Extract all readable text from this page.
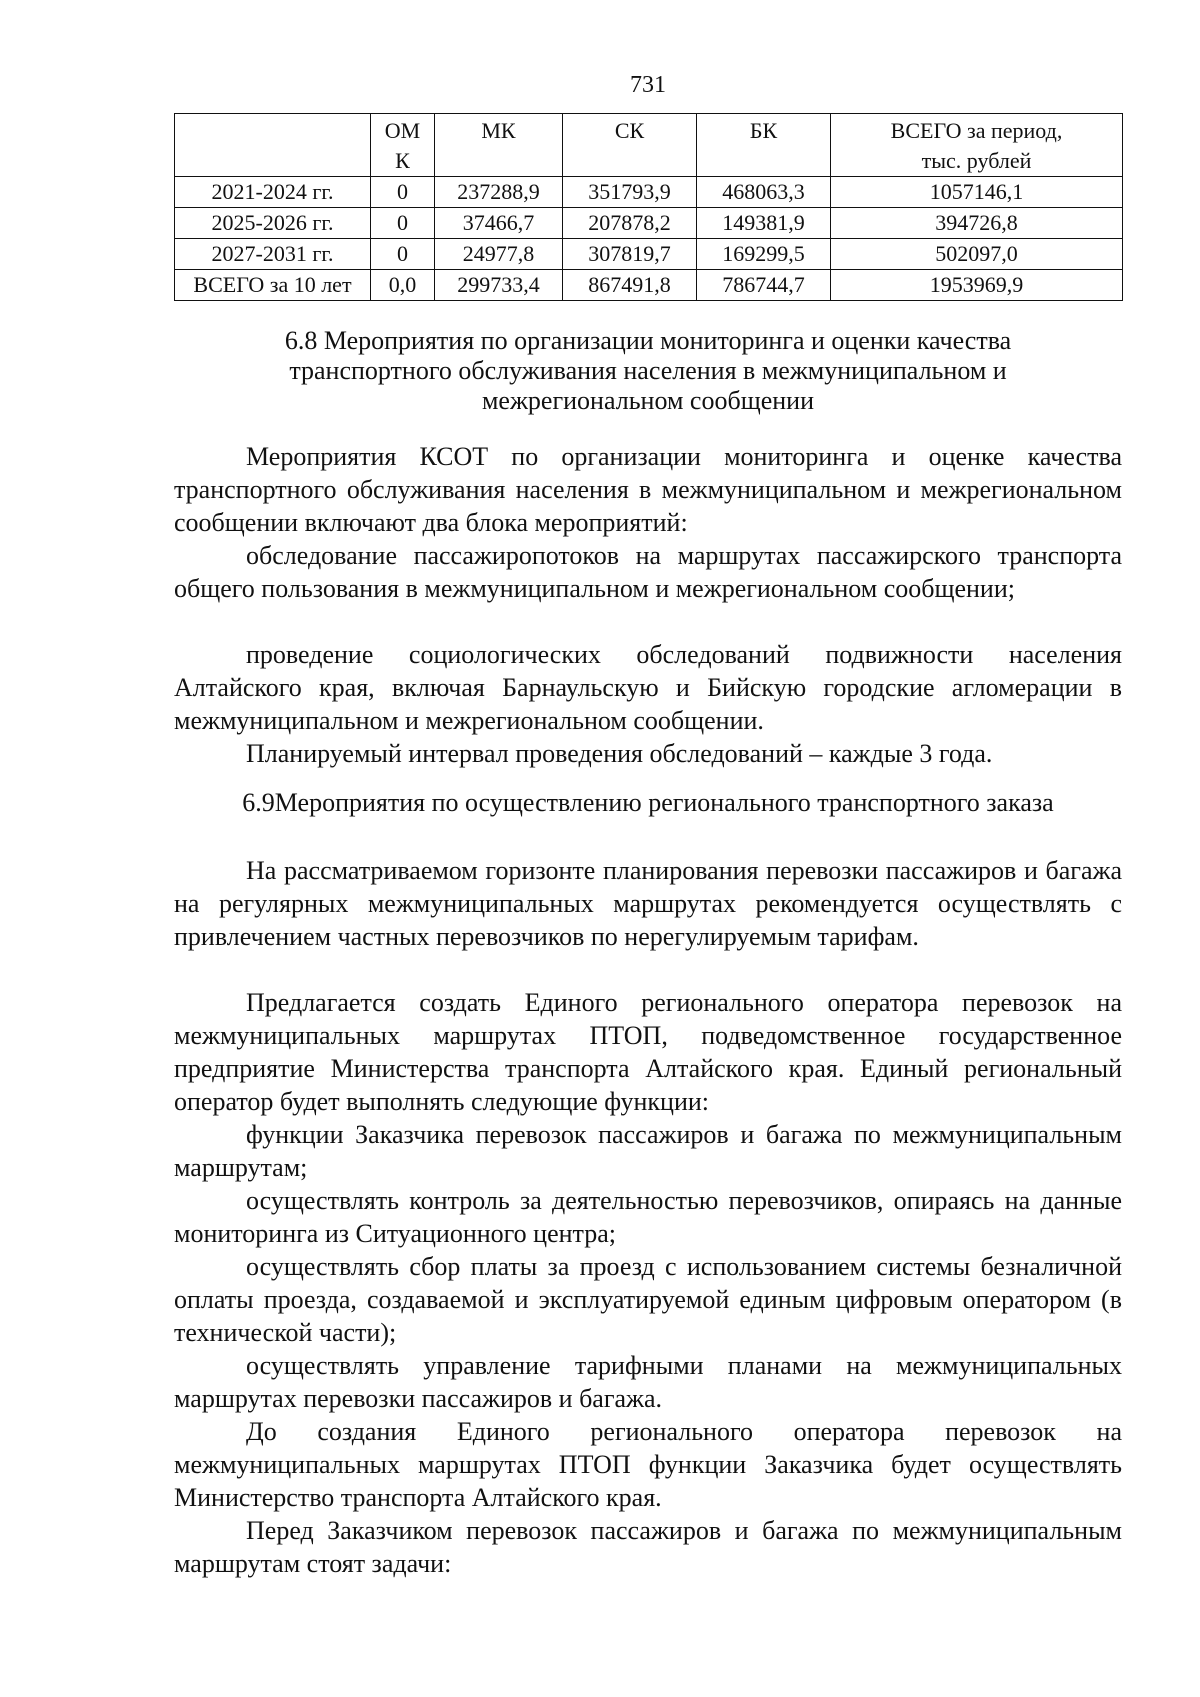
731
	ОМ К	МК	СК	БК	ВСЕГО за период, тыс. рублей
2021-2024 гг.	0	237288,9	351793,9	468063,3	1057146,1
2025-2026 гг.	0	37466,7	207878,2	149381,9	394726,8
2027-2031 гг.	0	24977,8	307819,7	169299,5	502097,0
ВСЕГО за 10 лет	0,0	299733,4	867491,8	786744,7	1953969,9
6.8 Мероприятия по организации мониторинга и оценки качества транспортного обслуживания населения в межмуниципальном и межрегиональном сообщении
Мероприятия КСОТ по организации мониторинга и оценке качества транспортного обслуживания населения в межмуниципальном и межрегиональном сообщении включают два блока мероприятий:
обследование пассажиропотоков на маршрутах пассажирского транспорта общего пользования в межмуниципальном и межрегиональном сообщении;
проведение социологических обследований подвижности населения Алтайского края, включая Барнаульскую и Бийскую городские агломерации в межмуниципальном и межрегиональном сообщении.
Планируемый интервал проведения обследований – каждые 3 года.
6.9Мероприятия по осуществлению регионального транспортного заказа
На рассматриваемом горизонте планирования перевозки пассажиров и багажа на регулярных межмуниципальных маршрутах рекомендуется осуществлять с привлечением частных перевозчиков по нерегулируемым тарифам.
Предлагается создать Единого регионального оператора перевозок на межмуниципальных маршрутах ПТОП, подведомственное государственное предприятие Министерства транспорта Алтайского края. Единый региональный оператор будет выполнять следующие функции:
функции Заказчика перевозок пассажиров и багажа по межмуниципальным маршрутам;
осуществлять контроль за деятельностью перевозчиков, опираясь на данные мониторинга из Ситуационного центра;
осуществлять сбор платы за проезд с использованием системы безналичной оплаты проезда, создаваемой и эксплуатируемой единым цифровым оператором (в технической части);
осуществлять управление тарифными планами на межмуниципальных маршрутах перевозки пассажиров и багажа.
До создания Единого регионального оператора перевозок на межмуниципальных маршрутах ПТОП функции Заказчика будет осуществлять Министерство транспорта Алтайского края.
Перед Заказчиком перевозок пассажиров и багажа по межмуниципальным маршрутам стоят задачи:
